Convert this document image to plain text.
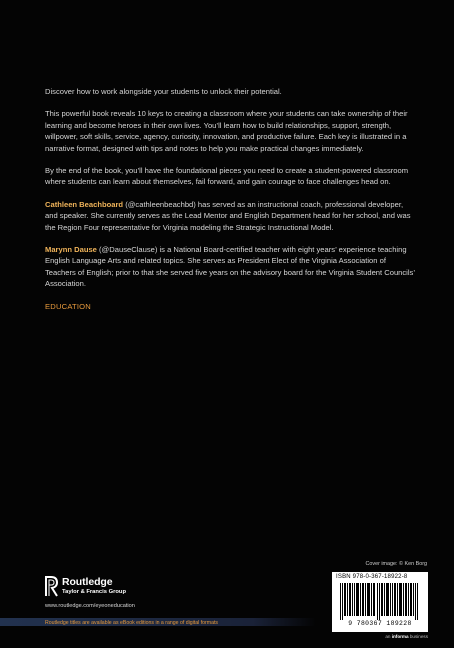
Discover how to work alongside your students to unlock their potential.

This powerful book reveals 10 keys to creating a classroom where your students can take ownership of their learning and become heroes in their own lives. You’ll learn how to build relationships, support, strength, willpower, soft skills, service, agency, curiosity, innovation, and productive failure. Each key is illustrated in a narrative format, designed with tips and notes to help you make practical changes immediately.

By the end of the book, you’ll have the foundational pieces you need to create a student-powered classroom where students can learn about themselves, fail forward, and gain courage to face challenges head on.

Cathleen Beachboard (@cathleenbeachbd) has served as an instructional coach, professional developer, and speaker. She currently serves as the Lead Mentor and English Department head for her school, and was the Region Four representative for Virginia modeling the Strategic Instructional Model.

Marynn Dause (@DauseClause) is a National Board-certified teacher with eight years’ experience teaching English Language Arts and related topics. She serves as President Elect of the Virginia Association of Teachers of English; prior to that she served five years on the advisory board for the Virginia Student Councils’ Association.

EDUCATION
Cover image: © Ken Borg
ISBN 978-0-367-18922-8
9 780367 189228
an informa business
Routledge
Taylor & Francis Group
www.routledge.com/eyeoneducation
Routledge titles are available as eBook editions in a range of digital formats
